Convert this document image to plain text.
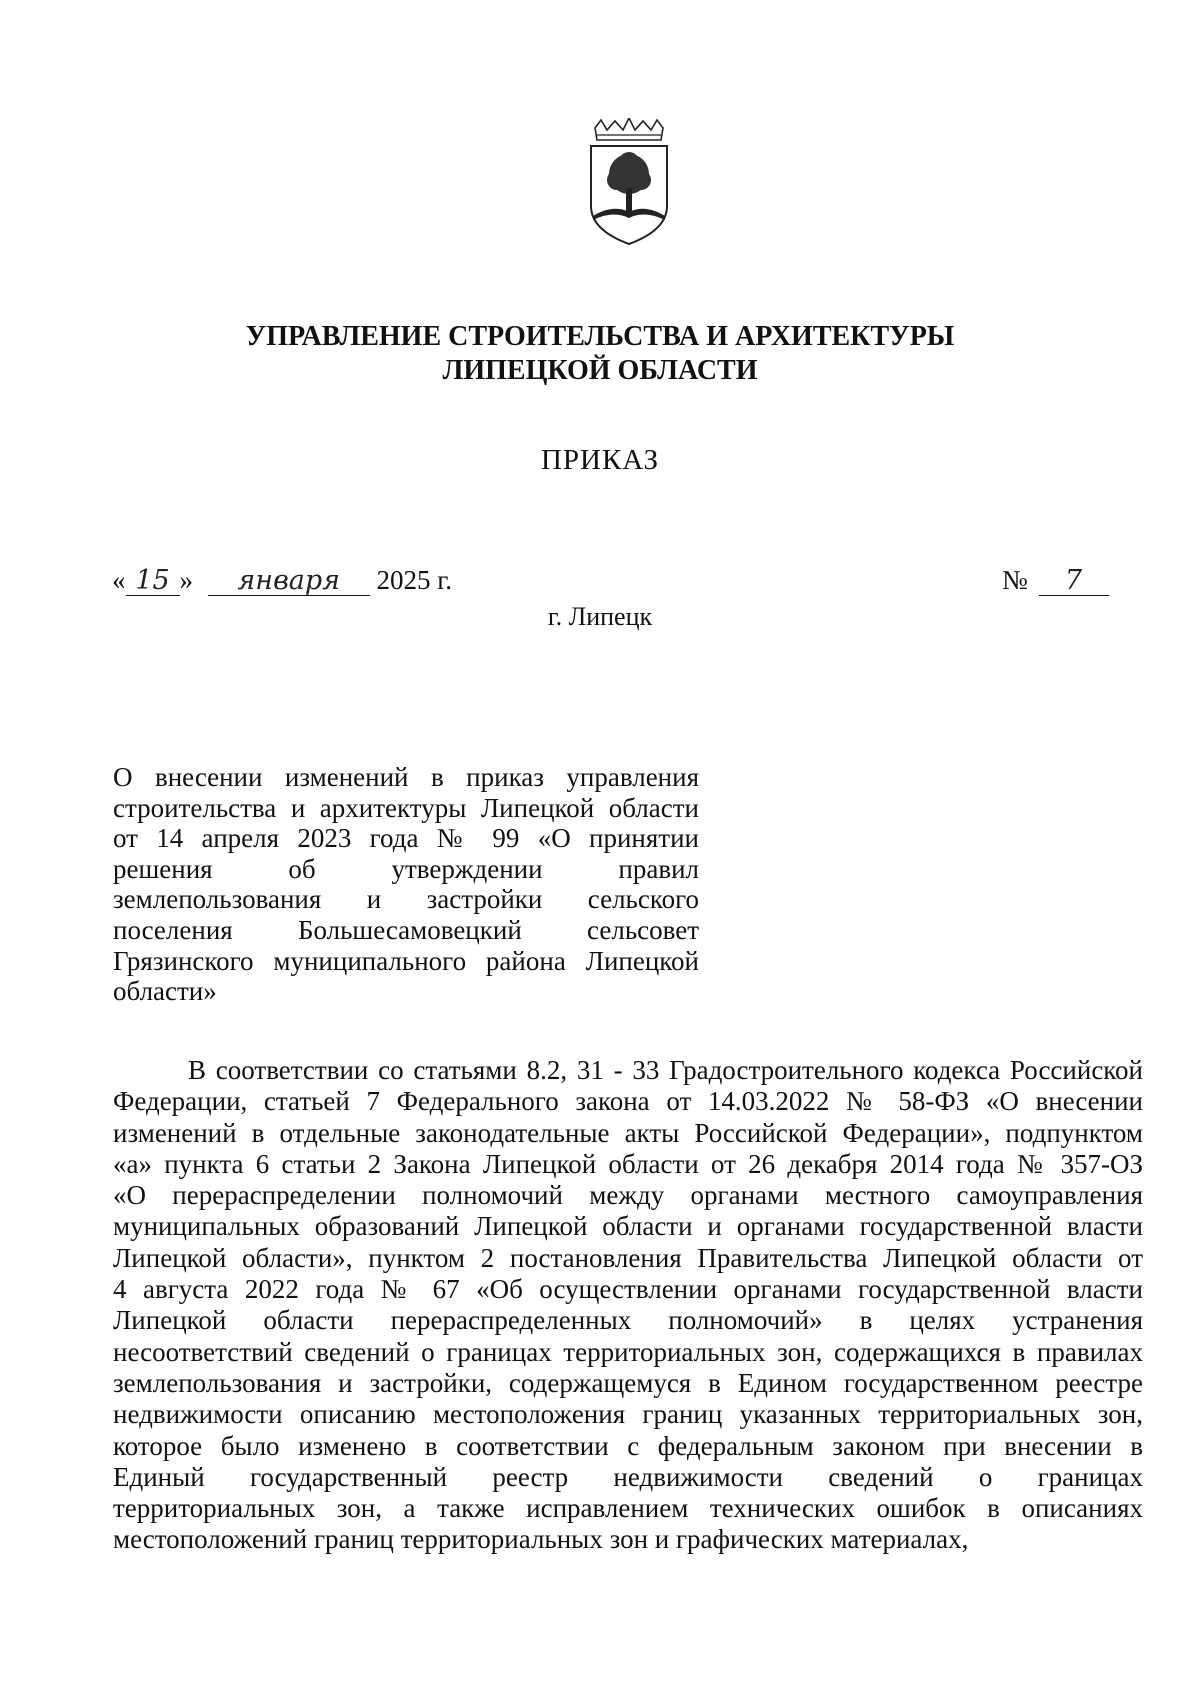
УПРАВЛЕНИЕ СТРОИТЕЛЬСТВА И АРХИТЕКТУРЫ
ЛИПЕЦКОЙ ОБЛАСТИ
ПРИКАЗ
« 15 » января 2025 г.	№ 7
г. Липецк
О внесении изменений в приказ управления
строительства и архитектуры Липецкой области
от 14 апреля 2023 года № 99 «О принятии
решения об утверждении правил
землепользования и застройки сельского
поселения Большесамовецкий сельсовет
Грязинского муниципального района Липецкой
области»
В соответствии со статьями 8.2, 31 - 33 Градостроительного кодекса Российской
Федерации, статьей 7 Федерального закона от 14.03.2022 № 58-ФЗ «О внесении
изменений в отдельные законодательные акты Российской Федерации», подпунктом
«а» пункта 6 статьи 2 Закона Липецкой области от 26 декабря 2014 года № 357-ОЗ
«О перераспределении полномочий между органами местного самоуправления
муниципальных образований Липецкой области и органами государственной власти
Липецкой области», пунктом 2 постановления Правительства Липецкой области от
4 августа 2022 года № 67 «Об осуществлении органами государственной власти
Липецкой области перераспределенных полномочий» в целях устранения
несоответствий сведений о границах территориальных зон, содержащихся в правилах
землепользования и застройки, содержащемуся в Едином государственном реестре
недвижимости описанию местоположения границ указанных территориальных зон,
которое было изменено в соответствии с федеральным законом при внесении в
Единый государственный реестр недвижимости сведений о границах
территориальных зон, а также исправлением технических ошибок в описаниях
местоположений границ территориальных зон и графических материалах,
